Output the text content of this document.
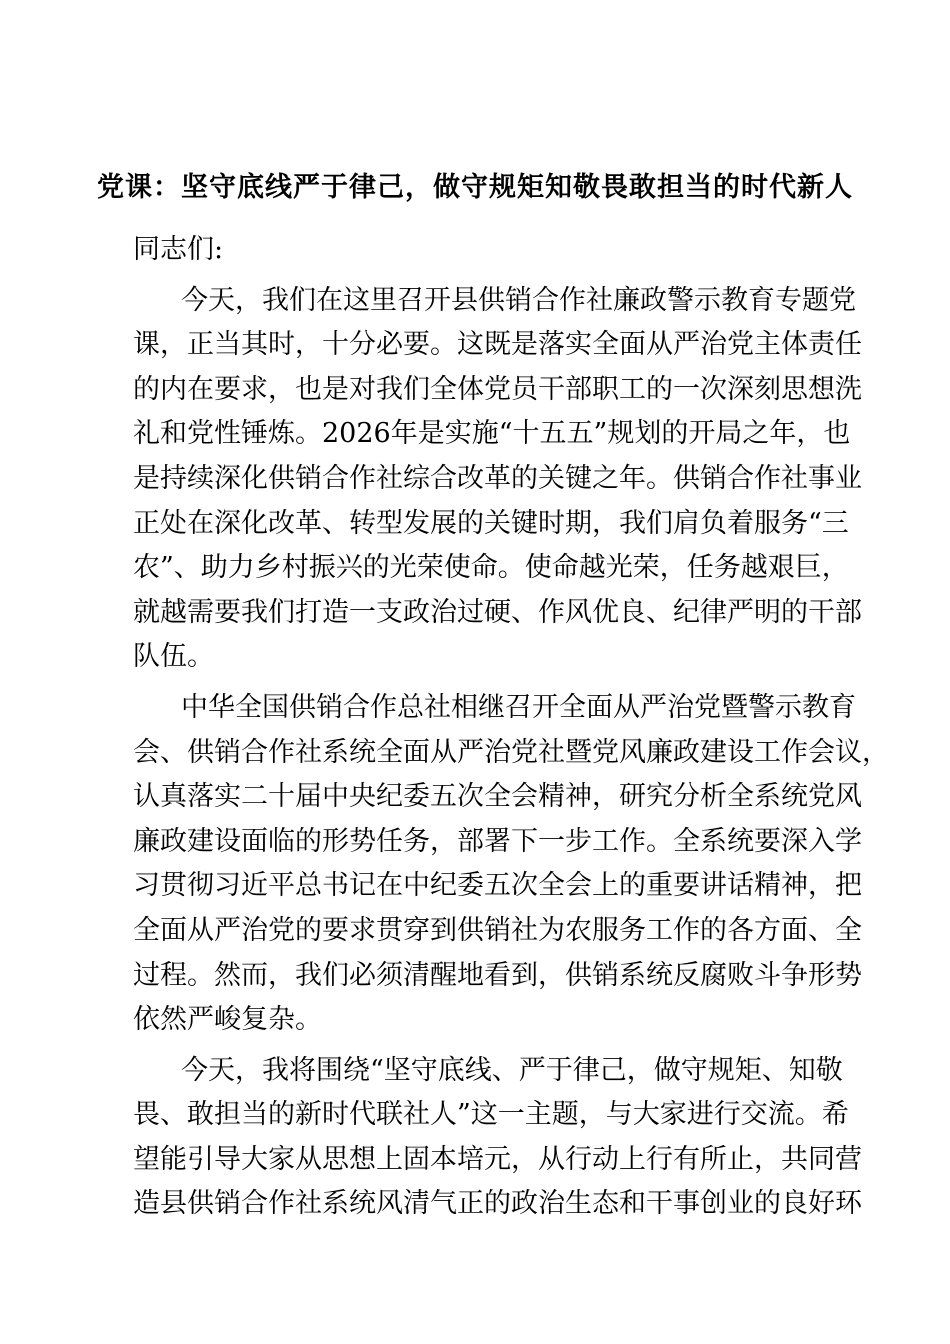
党课：坚守底线严于律己，做守规矩知敬畏敢担当的时代新人
同志们:
今天，我们在这里召开县供销合作社廉政警示教育专题党
课，正当其时，十分必要。这既是落实全面从严治党主体责任
的内在要求，也是对我们全体党员干部职工的一次深刻思想洗
礼和党性锤炼。2026年是实施“十五五”规划的开局之年，也
是持续深化供销合作社综合改革的关键之年。供销合作社事业
正处在深化改革、转型发展的关键时期，我们肩负着服务“三
农”、助力乡村振兴的光荣使命。使命越光荣，任务越艰巨，
就越需要我们打造一支政治过硬、作风优良、纪律严明的干部
队伍。
中华全国供销合作总社相继召开全面从严治党暨警示教育
会、供销合作社系统全面从严治党社暨党风廉政建设工作会议，
认真落实二十届中央纪委五次全会精神，研究分析全系统党风
廉政建设面临的形势任务，部署下一步工作。全系统要深入学
习贯彻习近平总书记在中纪委五次全会上的重要讲话精神，把
全面从严治党的要求贯穿到供销社为农服务工作的各方面、全
过程。然而，我们必须清醒地看到，供销系统反腐败斗争形势
依然严峻复杂。
今天，我将围绕“坚守底线、严于律己，做守规矩、知敬
畏、敢担当的新时代联社人”这一主题，与大家进行交流。希
望能引导大家从思想上固本培元，从行动上行有所止，共同营
造县供销合作社系统风清气正的政治生态和干事创业的良好环
